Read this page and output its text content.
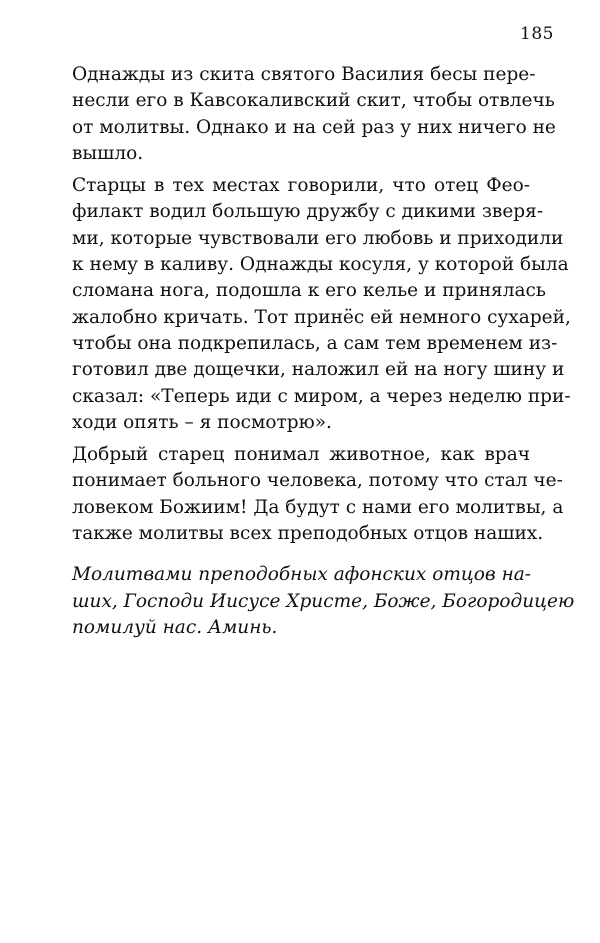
185

Однажды из скита святого Василия бесы пере-
несли его в Кавсокаливский скит, чтобы отвлечь
от молитвы. Однако и на сей раз у них ничего не
вышло.

Старцы в тех местах говорили, что отец Фео-
филакт водил большую дружбу с дикими зверя-
ми, которые чувствовали его любовь и приходили
к нему в каливу. Однажды косуля, у которой была
сломана нога, подошла к его келье и принялась
жалобно кричать. Тот принёс ей немного сухарей,
чтобы она подкрепилась, а сам тем временем из-
готовил две дощечки, наложил ей на ногу шину и
сказал: «Теперь иди с миром, а через неделю при-
ходи опять – я посмотрю».

Добрый старец понимал животное, как врач
понимает больного человека, потому что стал че-
ловеком Божиим! Да будут с нами его молитвы, а
также молитвы всех преподобных отцов наших.

Молитвами преподобных афонских отцов на-
ших, Господи Иисусе Христе, Боже, Богородицею
помилуй нас. Аминь.
